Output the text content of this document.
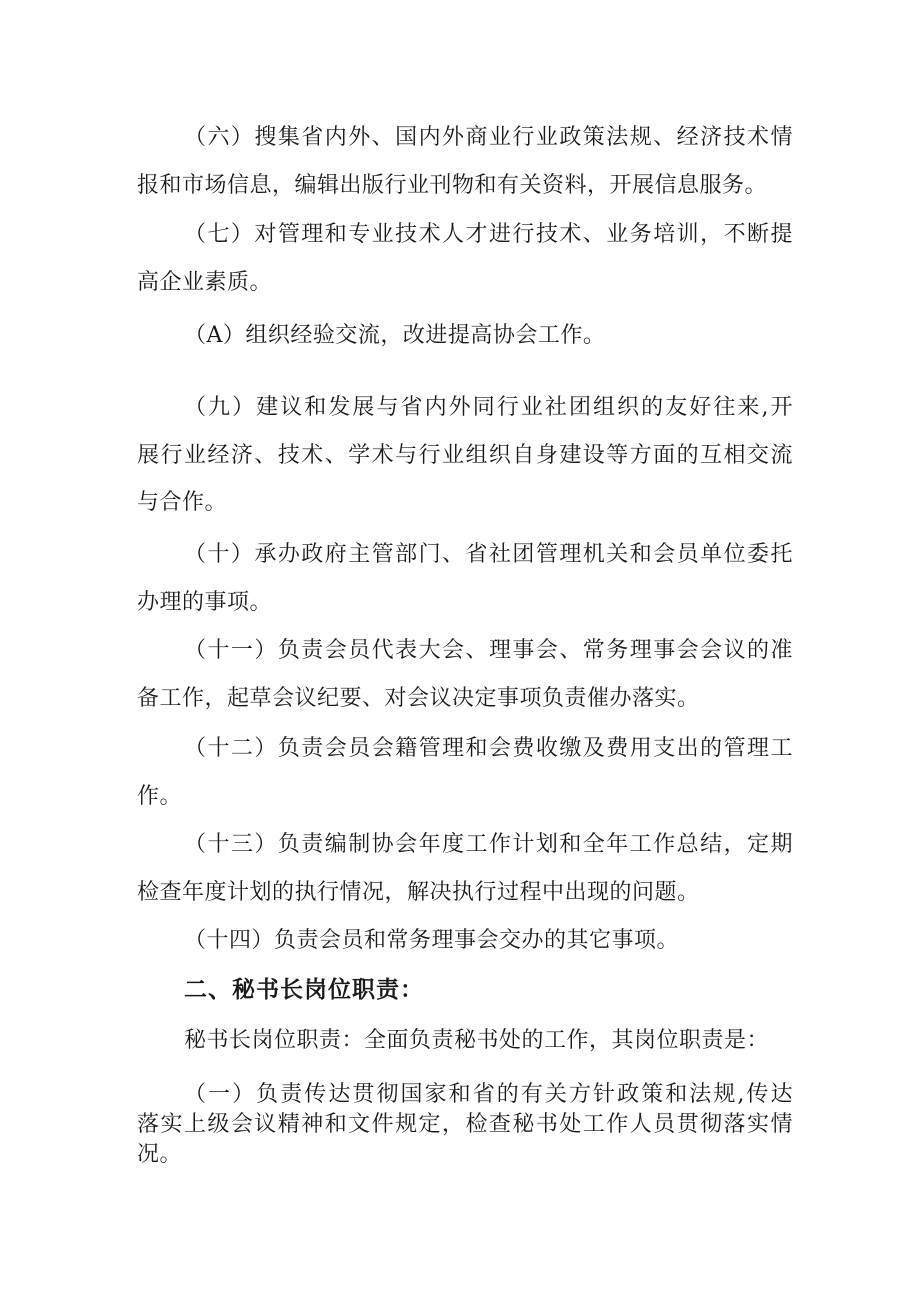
（六）搜集省内外、国内外商业行业政策法规、经济技术情
报和市场信息，编辑出版行业刊物和有关资料，开展信息服务。
（七）对管理和专业技术人才进行技术、业务培训，不断提
高企业素质。
（A）组织经验交流，改进提高协会工作。
（九）建议和发展与省内外同行业社团组织的友好往来,开
展行业经济、技术、学术与行业组织自身建设等方面的互相交流
与合作。
（十）承办政府主管部门、省社团管理机关和会员单位委托
办理的事项。
（十一）负责会员代表大会、理事会、常务理事会会议的准
备工作，起草会议纪要、对会议决定事项负责催办落实。
（十二）负责会员会籍管理和会费收缴及费用支出的管理工
作。
（十三）负责编制协会年度工作计划和全年工作总结，定期
检查年度计划的执行情况，解决执行过程中出现的问题。
（十四）负责会员和常务理事会交办的其它事项。
二、秘书长岗位职责：
秘书长岗位职责：全面负责秘书处的工作，其岗位职责是：
（一）负责传达贯彻国家和省的有关方针政策和法规,传达
落实上级会议精神和文件规定，检查秘书处工作人员贯彻落实情
况。
